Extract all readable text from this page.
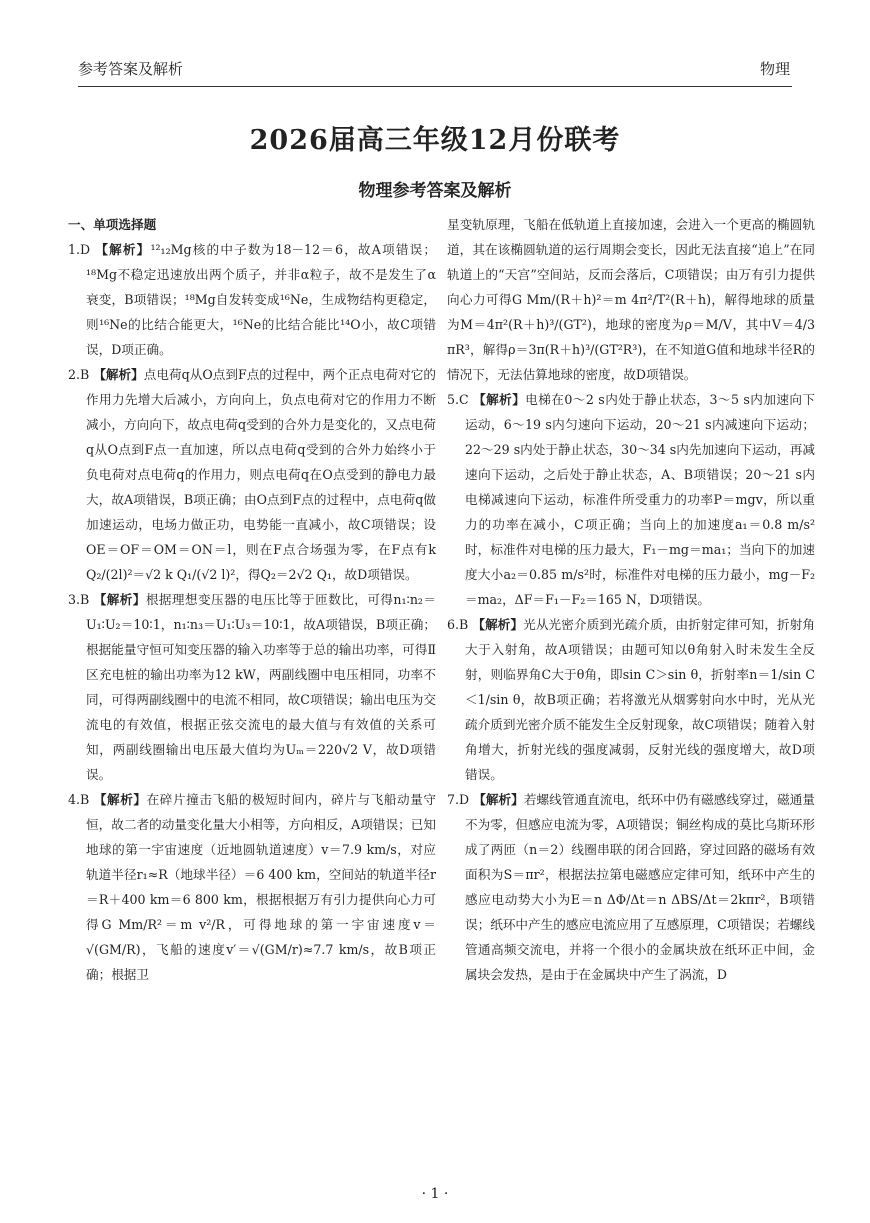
参考答案及解析	物理
2026届高三年级12月份联考
物理参考答案及解析

一、单项选择题

1.D 【解析】¹²₁₂Mg核的中子数为18－12＝6，故A项错误；¹⁸Mg不稳定迅速放出两个质子，并非α粒子，故不是发生了α衰变，B项错误；¹⁸Mg自发转变成¹⁶Ne，生成物结构更稳定，则¹⁶Ne的比结合能更大，¹⁶Ne的比结合能比¹⁴O小，故C项错误，D项正确。

2.B 【解析】点电荷q从O点到F点的过程中，两个正点电荷对它的作用力先增大后减小，方向向上，负点电荷对它的作用力不断减小，方向向下，故点电荷q受到的合外力是变化的，又点电荷q从O点到F点一直加速，所以点电荷q受到的合外力始终小于负电荷对点电荷q的作用力，则点电荷q在O点受到的静电力最大，故A项错误，B项正确；由O点到F点的过程中，点电荷q做加速运动，电场力做正功，电势能一直减小，故C项错误；设OE＝OF＝OM＝ON＝l，则在F点合场强为零，在F点有k Q₂/(2l)²＝√2 k Q₁/(√2 l)²，得Q₂＝2√2 Q₁，故D项错误。

3.B 【解析】根据理想变压器的电压比等于匝数比，可得n₁∶n₂＝U₁∶U₂＝10∶1，n₁∶n₃＝U₁∶U₃＝10∶1，故A项错误，B项正确；根据能量守恒可知变压器的输入功率等于总的输出功率，可得Ⅱ区充电桩的输出功率为12 kW，两副线圈中电压相同，功率不同，可得两副线圈中的电流不相同，故C项错误；输出电压为交流电的有效值，根据正弦交流电的最大值与有效值的关系可知，两副线圈输出电压最大值均为Uₘ＝220√2 V，故D项错误。

4.B 【解析】在碎片撞击飞船的极短时间内，碎片与飞船动量守恒，故二者的动量变化量大小相等，方向相反，A项错误；已知地球的第一宇宙速度（近地圆轨道速度）v＝7.9 km/s，对应轨道半径r₁≈R（地球半径）＝6 400 km，空间站的轨道半径r＝R＋400 km＝6 800 km，根据根据万有引力提供向心力可得G Mm/R²＝m v²/R，可得地球的第一宇宙速度v＝√(GM/R)，飞船的速度v′＝√(GM/r)≈7.7 km/s，故B项正确；根据卫

星变轨原理，飞船在低轨道上直接加速，会进入一个更高的椭圆轨道，其在该椭圆轨道的运行周期会变长，因此无法直接“追上”在同轨道上的“天宫”空间站，反而会落后，C项错误；由万有引力提供向心力可得G Mm/(R＋h)²＝m 4π²/T²(R＋h)，解得地球的质量为M＝4π²(R＋h)³/(GT²)，地球的密度为ρ＝M/V，其中V＝4/3 πR³，解得ρ＝3π(R＋h)³/(GT²R³)，在不知道G值和地球半径R的情况下，无法估算地球的密度，故D项错误。

5.C 【解析】电梯在0～2 s内处于静止状态，3～5 s内加速向下运动，6～19 s内匀速向下运动，20～21 s内减速向下运动；22～29 s内处于静止状态，30～34 s内先加速向下运动，再减速向下运动，之后处于静止状态，A、B项错误；20～21 s内电梯减速向下运动，标准件所受重力的功率P＝mgv，所以重力的功率在减小，C项正确；当向上的加速度a₁＝0.8 m/s²时，标准件对电梯的压力最大，F₁－mg＝ma₁；当向下的加速度大小a₂＝0.85 m/s²时，标准件对电梯的压力最小，mg－F₂＝ma₂，ΔF＝F₁－F₂＝165 N，D项错误。

6.B 【解析】光从光密介质到光疏介质，由折射定律可知，折射角大于入射角，故A项错误；由题可知以θ角射入时未发生全反射，则临界角C大于θ角，即sin C＞sin θ，折射率n＝1/sin C＜1/sin θ，故B项正确；若将激光从烟雾射向水中时，光从光疏介质到光密介质不能发生全反射现象，故C项错误；随着入射角增大，折射光线的强度减弱，反射光线的强度增大，故D项错误。

7.D 【解析】若螺线管通直流电，纸环中仍有磁感线穿过，磁通量不为零，但感应电流为零，A项错误；铜丝构成的莫比乌斯环形成了两匝（n＝2）线圈串联的闭合回路，穿过回路的磁场有效面积为S＝πr²，根据法拉第电磁感应定律可知，纸环中产生的感应电动势大小为E＝n ΔΦ/Δt＝n ΔBS/Δt＝2kπr²，B项错误；纸环中产生的感应电流应用了互感原理，C项错误；若螺线管通高频交流电，并将一个很小的金属块放在纸环正中间，金属块会发热，是由于在金属块中产生了涡流，D

· 1 ·
